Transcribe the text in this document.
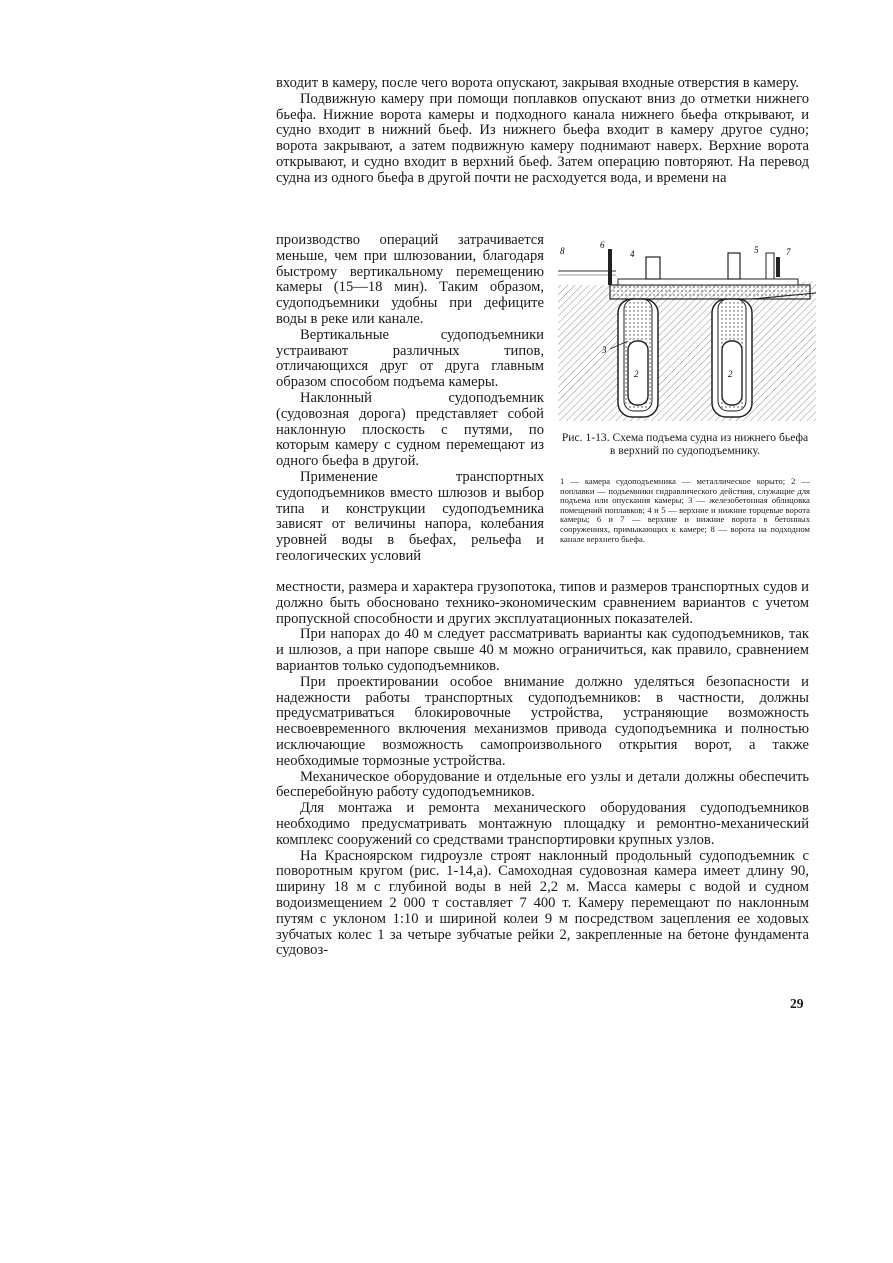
входит в камеру, после чего ворота опускают, закрывая входные отверстия в камеру.

Подвижную камеру при помощи поплавков опускают вниз до отметки нижнего бьефа. Нижние ворота камеры и подходного канала нижнего бьефа открывают, и судно входит в нижний бьеф. Из нижнего бьефа входит в камеру другое судно; ворота закрывают, а затем подвижную камеру поднимают наверх. Верхние ворота открывают, и судно входит в верхний бьеф. Затем операцию повторяют. На перевод судна из одного бьефа в другой почти не расходуется вода, и времени на

производство операций затрачивается меньше, чем при шлюзовании, благодаря быстрому вертикальному перемещению камеры (15—18 мин). Таким образом, судоподъемники удобны при дефиците воды в реке или канале.

Вертикальные судоподъемники устраивают различных типов, отличающихся друг от друга главным образом способом подъема камеры.

Наклонный судоподъемник (судовозная дорога) представляет собой наклонную плоскость с путями, по которым камеру с судном перемещают из одного бьефа в другой.

Применение транспортных судоподъемников вместо шлюзов и выбор типа и конструкции судоподъемника зависят от величины напора, колебания уровней воды в бьефах, рельефа и геологических условий

8
6
4	5	7
3
2	2
Рис. 1-13. Схема подъема судна из нижнего бьефа в верхний по судоподъемнику.
1 — камера судоподъемника — металлическое корыто; 2 — поплавки — подъемники гидравлического действия, служащие для подъема или опускания камеры; 3 — железобетонная облицовка помещений поплавков; 4 и 5 — верхние и нижние торцевые ворота камеры; 6 и 7 — верхние и нижние ворота в бетонных сооружениях, примыкающих к камере; 8 — ворота на подходном канале верхнего бьефа.

местности, размера и характера грузопотока, типов и размеров транспортных судов и должно быть обосновано технико-экономическим сравнением вариантов с учетом пропускной способности и других эксплуатационных показателей.

При напорах до 40 м следует рассматривать варианты как судоподъемников, так и шлюзов, а при напоре свыше 40 м можно ограничиться, как правило, сравнением вариантов только судоподъемников.

При проектировании особое внимание должно уделяться безопасности и надежности работы транспортных судоподъемников: в частности, должны предусматриваться блокировочные устройства, устраняющие возможность несвоевременного включения механизмов привода судоподъемника и полностью исключающие возможность самопроизвольного открытия ворот, а также необходимые тормозные устройства.

Механическое оборудование и отдельные его узлы и детали должны обеспечить бесперебойную работу судоподъемников.

Для монтажа и ремонта механического оборудования судоподъемников необходимо предусматривать монтажную площадку и ремонтно-механический комплекс сооружений со средствами транспортировки крупных узлов.

На Красноярском гидроузле строят наклонный продольный судоподъемник с поворотным кругом (рис. 1-14,а). Самоходная судовозная камера имеет длину 90, ширину 18 м с глубиной воды в ней 2,2 м. Масса камеры с водой и судном водоизмещением 2 000 т составляет 7 400 т. Камеру перемещают по наклонным путям с уклоном 1:10 и шириной колеи 9 м посредством зацепления ее ходовых зубчатых колес 1 за четыре зубчатые рейки 2, закрепленные на бетоне фундамента судовоз-

29
